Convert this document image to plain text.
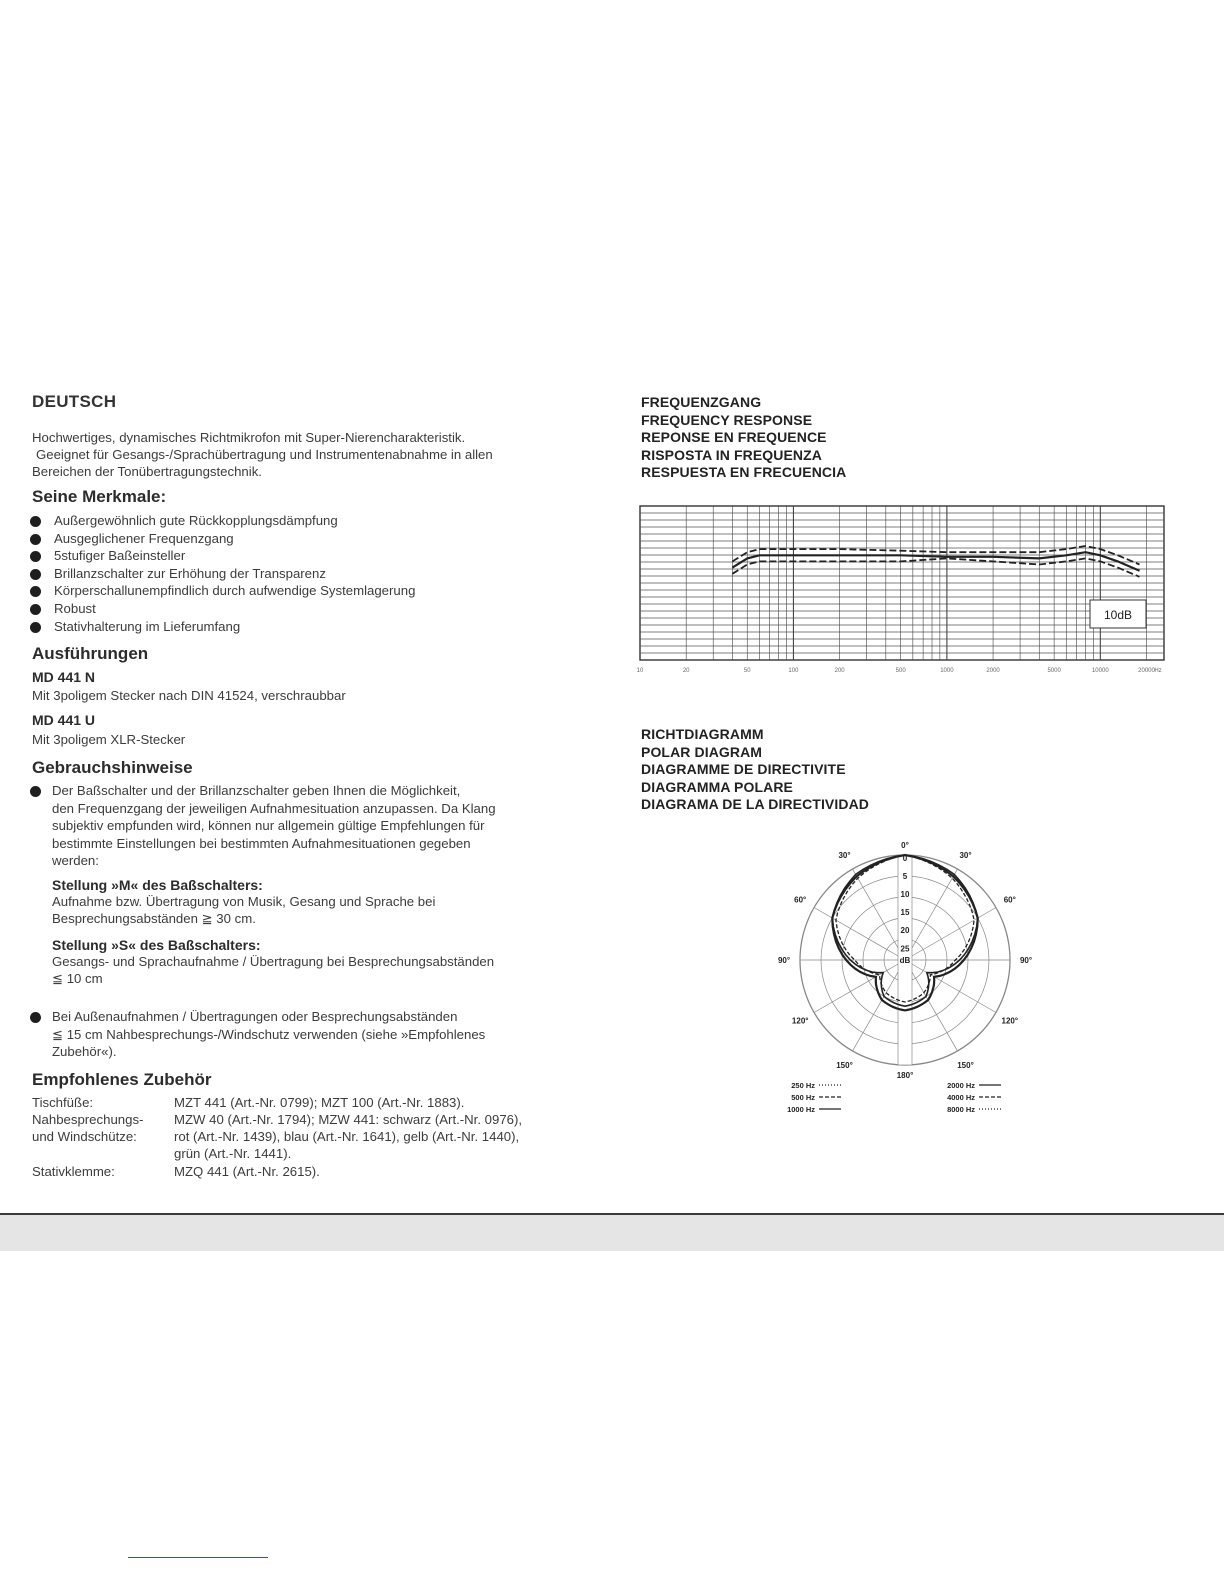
DEUTSCH
Hochwertiges, dynamisches Richtmikrofon mit Super-Nierencharakteristik.
Geeignet für Gesangs-/Sprachübertragung und Instrumentenabnahme in allen
Bereichen der Tonübertragungstechnik.
Seine Merkmale:
Außergewöhnlich gute Rückkopplungsdämpfung
Ausgeglichener Frequenzgang
5stufiger Baßeinsteller
Brillanzschalter zur Erhöhung der Transparenz
Körperschallunempfindlich durch aufwendige Systemlagerung
Robust
Stativhalterung im Lieferumfang
Ausführungen
MD 441 N
Mit 3poligem Stecker nach DIN 41524, verschraubbar
MD 441 U
Mit 3poligem XLR-Stecker
Gebrauchshinweise
Der Baßschalter und der Brillanzschalter geben Ihnen die Möglichkeit,
den Frequenzgang der jeweiligen Aufnahmesituation anzupassen. Da Klang
subjektiv empfunden wird, können nur allgemein gültige Empfehlungen für
bestimmte Einstellungen bei bestimmten Aufnahmesituationen gegeben
werden:
Stellung »M« des Baßschalters:
Aufnahme bzw. Übertragung von Musik, Gesang und Sprache bei
Besprechungsabständen ≧ 30 cm.
Stellung »S« des Baßschalters:
Gesangs- und Sprachaufnahme / Übertragung bei Besprechungsabständen
≦ 10 cm
Bei Außenaufnahmen / Übertragungen oder Besprechungsabständen
≦ 15 cm Nahbesprechungs-/Windschutz verwenden (siehe »Empfohlenes
Zubehör«).
Empfohlenes Zubehör
Tischfüße:	MZT 441 (Art.-Nr. 0799); MZT 100 (Art.-Nr. 1883).
Nahbesprechungs-
und Windschütze:
MZW 40 (Art.-Nr. 1794); MZW 441: schwarz (Art.-Nr. 0976),
rot (Art.-Nr. 1439), blau (Art.-Nr. 1641), gelb (Art.-Nr. 1440),
grün (Art.-Nr. 1441).
Stativklemme:	MZQ 441 (Art.-Nr. 2615).
FREQUENZGANG
FREQUENCY RESPONSE
REPONSE EN FREQUENCE
RISPOSTA IN FREQUENZA
RESPUESTA EN FRECUENCIA
10	20	50	100	200	500	1000	2000	5000	10000	20000 Hz
10dB
RICHTDIAGRAMM
POLAR DIAGRAM
DIAGRAMME DE DIRECTIVITE
DIAGRAMMA POLARE
DIAGRAMA DE LA DIRECTIVIDAD
0°
30°	30°
60°	60°
90°	90°
120°	120°
150°	150°
180°
0
5
10
15
20
25
dB
250 Hz
500 Hz
1000 Hz
2000 Hz
4000 Hz
8000 Hz
